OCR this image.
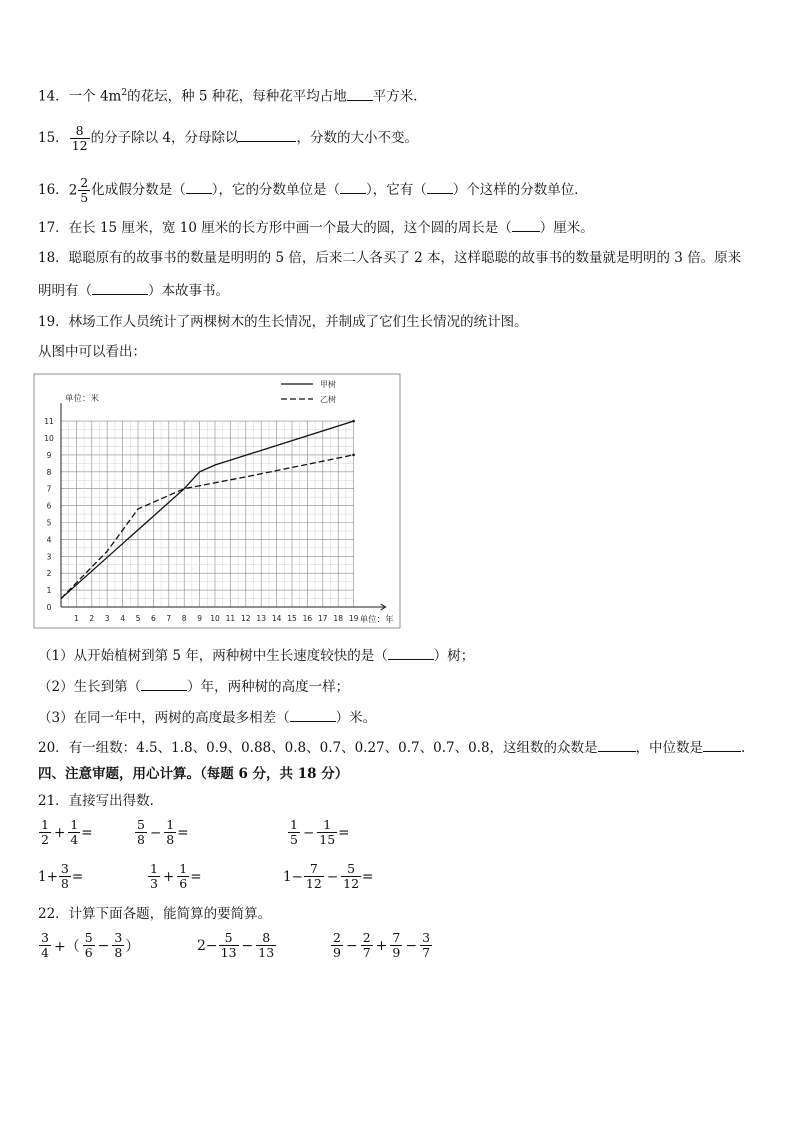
14．一个 $4m^2$的花坛，种 5 种花，每种花平均占地 平方米．
15． $\frac{8}{12}$ 的分子除以 4，分母除以	，分数的大小不变。
16．$2 \frac{2}{5}$ 化成假分数是（ ），它的分数单位是（ ），它有（ ）个这样的分数单位．
17．在长 15 厘米，宽 10 厘米的长方形中画一个最大的圆，这个圆的周长是（ ）厘米。
18．聪聪原有的故事书的数量是明明的 5 倍，后来二人各买了 2 本，这样聪聪的故事书的数量就是明明的 3 倍。原来
明明有（	）本故事书。
19．林场工作人员统计了两棵树木的生长情况，并制成了它们生长情况的统计图。
从图中可以看出：
0
1
2
3
4
5
6
7
8
9
10
11
1 2 3 4 5 6 7 8 9 10 11 12 13 14 15 16 17 18 19
甲树
乙树
单位：米
单位：年
（1）从开始植树到第 5 年，两种树中生长速度较快的是（	）树；
（2）生长到第（	）年，两种树的高度一样；
（3）在同一年中，两树的高度最多相差（	）米。
20．有一组数：4.5、1.8、0.9、0.88、0.8、0.7、0.27、0.7、0.7、0.8，这组数的众数是	，中位数是	．
四、注意审题，用心计算。（每题 6 分，共 18 分）
21．直接写出得数．
$\frac{1}{2} + \frac{1}{4}$ =	$\frac{5}{8} - \frac{1}{8}$ =	$\frac{1}{5} - \frac{1}{15}$ =
$1+ \frac{3}{8}$ =	$\frac{1}{3} + \frac{1}{6}$ =	$1- \frac{7}{12} - \frac{5}{12}$ =
22．计算下面各题，能简算的要简算。
$\frac{3}{4}$ +（ $\frac{5}{6} - \frac{3}{8}$ ）	$2- \frac{5}{13} - \frac{8}{13}$	$\frac{2}{9} - \frac{2}{7} + \frac{7}{9} - \frac{3}{7}$
